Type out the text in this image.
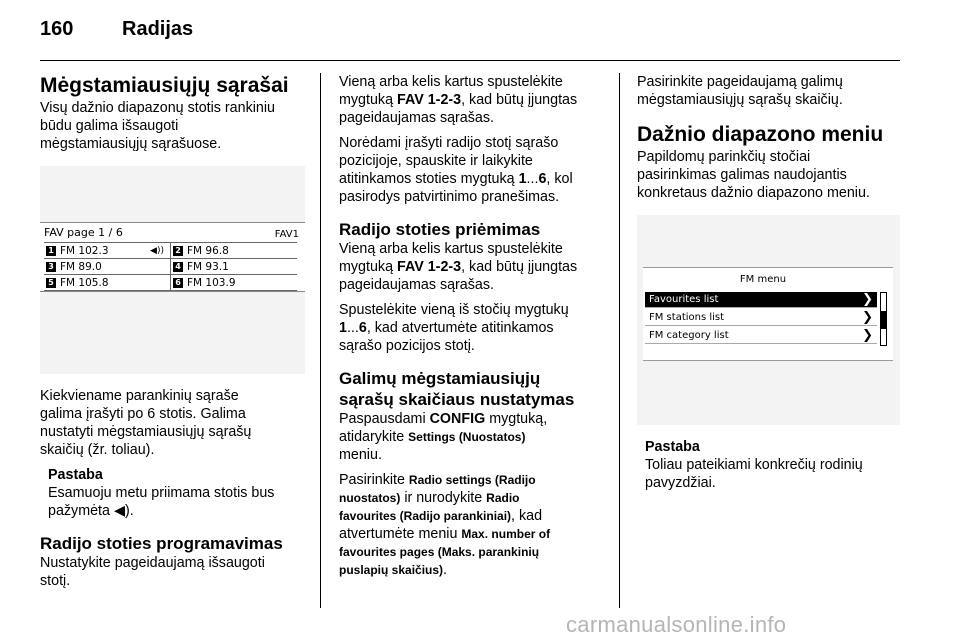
160 Radijas
Mėgstamiausiųjų sąrašai
Visų dažnio diapazonų stotis rankiniu
būdu galima išsaugoti
mėgstamiausiųjų sąrašuose.
FAV page 1 / 6	FAV1
1 FM 102.3	◀)) 2 FM 96.8
3 FM 89.0	4 FM 93.1
5 FM 105.8	6 FM 103.9
Kiekviename parankinių sąraše
galima įrašyti po 6 stotis. Galima
nustatyti mėgstamiausiųjų sąrašų
skaičių (žr. toliau).
Pastaba
Esamuoju metu priimama stotis bus
pažymėta ◀).
Radijo stoties programavimas
Nustatykite pageidaujamą išsaugoti
stotį.
Vieną arba kelis kartus spustelėkite
mygtuką FAV 1-2-3, kad būtų įjungtas
pageidaujamas sąrašas.
Norėdami įrašyti radijo stotį sąrašo
pozicijoje, spauskite ir laikykite
atitinkamos stoties mygtuką 1...6, kol
pasirodys patvirtinimo pranešimas.
Radijo stoties priėmimas
Vieną arba kelis kartus spustelėkite
mygtuką FAV 1-2-3, kad būtų įjungtas
pageidaujamas sąrašas.
Spustelėkite vieną iš stočių mygtukų
1...6, kad atvertumėte atitinkamos
sąrašo pozicijos stotį.
Galimų mėgstamiausiųjų
sąrašų skaičiaus nustatymas
Paspausdami CONFIG mygtuką,
atidarykite Settings (Nuostatos)
meniu.
Pasirinkite Radio settings (Radijo
nuostatos) ir nurodykite Radio
favourites (Radijo parankiniai), kad
atvertumėte meniu Max. number of
favourites pages (Maks. parankinių
puslapių skaičius).
Pasirinkite pageidaujamą galimų
mėgstamiausiųjų sąrašų skaičių.
Dažnio diapazono meniu
Papildomų parinkčių stočiai
pasirinkimas galimas naudojantis
konkretaus dažnio diapazono meniu.
FM menu
Favourites list	❯
FM stations list	❯
FM category list	❯
Pastaba
Toliau pateikiami konkrečių rodinių
pavyzdžiai.
carmanualsonline.info
